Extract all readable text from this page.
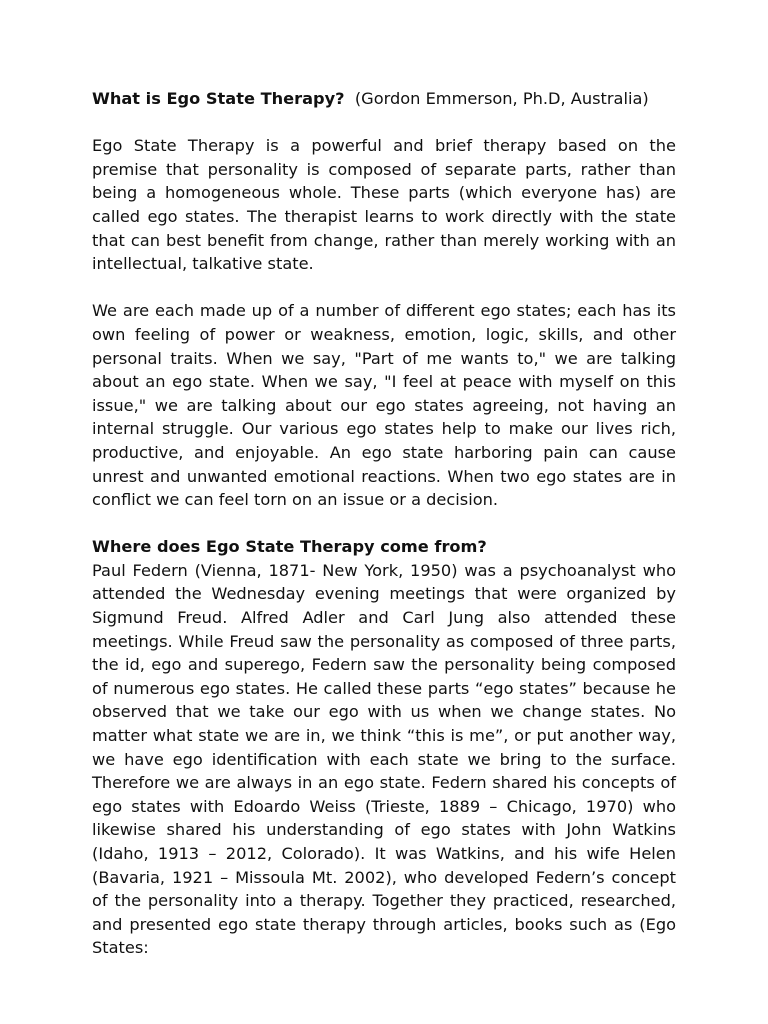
What is Ego State Therapy? (Gordon Emmerson, Ph.D, Australia)

Ego State Therapy is a powerful and brief therapy based on the premise that personality is composed of separate parts, rather than being a homogeneous whole. These parts (which everyone has) are called ego states. The therapist learns to work directly with the state that can best benefit from change, rather than merely working with an intellectual, talkative state.

We are each made up of a number of different ego states; each has its own feeling of power or weakness, emotion, logic, skills, and other personal traits. When we say, "Part of me wants to," we are talking about an ego state. When we say, "I feel at peace with myself on this issue," we are talking about our ego states agreeing, not having an internal struggle. Our various ego states help to make our lives rich, productive, and enjoyable. An ego state harboring pain can cause unrest and unwanted emotional reactions. When two ego states are in conflict we can feel torn on an issue or a decision.

Where does Ego State Therapy come from?

Paul Federn (Vienna, 1871- New York, 1950) was a psychoanalyst who attended the Wednesday evening meetings that were organized by Sigmund Freud. Alfred Adler and Carl Jung also attended these meetings. While Freud saw the personality as composed of three parts, the id, ego and superego, Federn saw the personality being composed of numerous ego states. He called these parts “ego states” because he observed that we take our ego with us when we change states. No matter what state we are in, we think “this is me”, or put another way, we have ego identification with each state we bring to the surface. Therefore we are always in an ego state. Federn shared his concepts of ego states with Edoardo Weiss (Trieste, 1889 – Chicago, 1970) who likewise shared his understanding of ego states with John Watkins (Idaho, 1913 – 2012, Colorado). It was Watkins, and his wife Helen (Bavaria, 1921 – Missoula Mt. 2002), who developed Federn’s concept of the personality into a therapy. Together they practiced, researched, and presented ego state therapy through articles, books such as (Ego States:
